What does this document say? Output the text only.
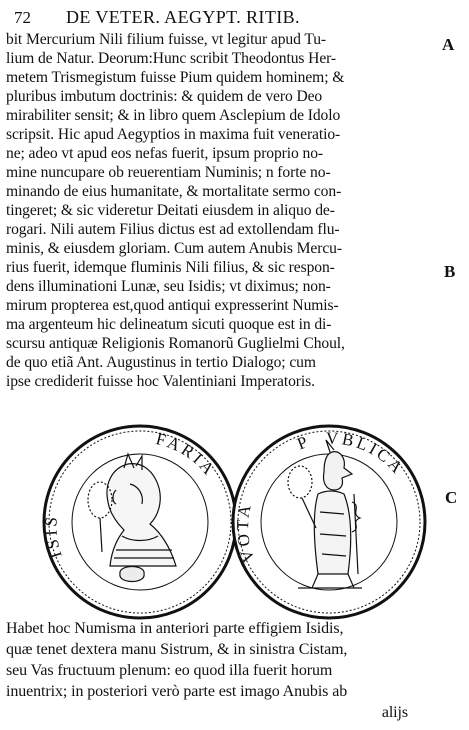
72 DE VETER. AEGYPT. RITIB.
A
B
C
bit Mercurium Nili filium fuisse, vt legitur apud Tu-
lium de Natur. Deorum:Hunc scribit Theodontus Her-
metem Trismegistum fuisse Pium quidem hominem; &
pluribus imbutum doctrinis: & quidem de vero Deo
mirabiliter sensit; & in libro quem Asclepium de Idolo
scripsit. Hic apud Aegyptios in maxima fuit veneratio-
ne; adeo vt apud eos nefas fuerit, ipsum proprio no-
mine nuncupare ob reuerentiam Numinis; n forte no-
minando de eius humanitate, & mortalitate sermo con-
tingeret; & sic videretur Deitati eiusdem in aliquo de-
rogari. Nili autem Filius dictus est ad extollendam flu-
minis, & eiusdem gloriam. Cum autem Anubis Mercu-
rius fuerit, idemque fluminis Nili filius, & sic respon-
dens illuminationi Lunæ, seu Isidis; vt diximus; non-
mirum propterea est,quod antiqui expresserint Numis-
ma argenteum hic delineatum sicuti quoque est in di-
scursu antiquæ Religionis Romanorũ Guglielmi Choul,
de quo etiã Ant. Augustinus in tertio Dialogo; cum
ipse crediderit fuisse hoc Valentiniani Imperatoris.
ISIS
FARIA
P
VOTA
VBLICA
Habet hoc Numisma in anteriori parte effigiem Isidis,
quæ tenet dextera manu Sistrum, & in sinistra Cistam,
seu Vas fructuum plenum: eo quod illa fuerit horum
inuentrix; in posteriori verò parte est imago Anubis ab
alijs
